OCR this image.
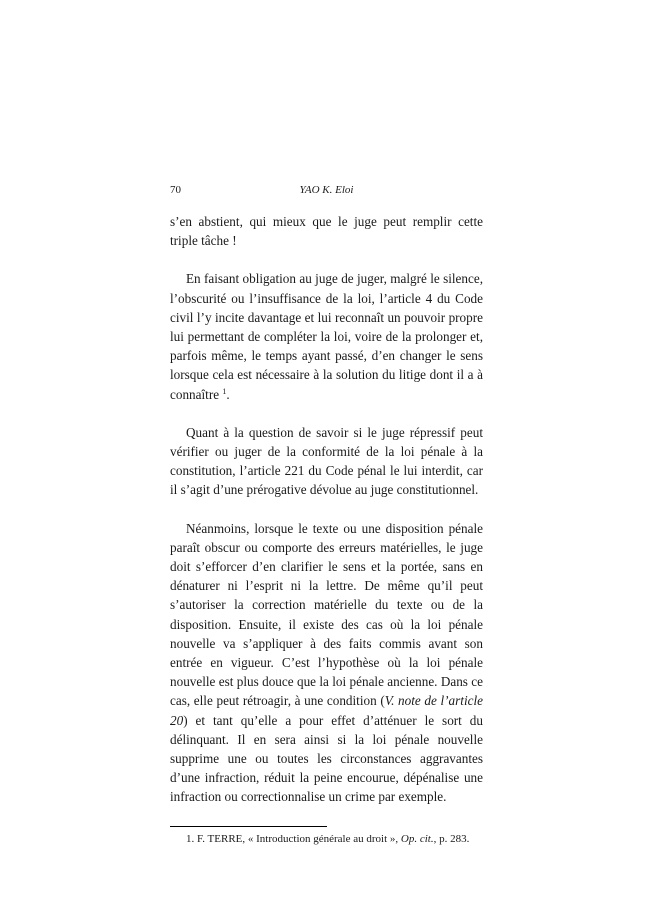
70	YAO K. Eloi

s’en abstient, qui mieux que le juge peut remplir cette triple tâche !

En faisant obligation au juge de juger, malgré le silence, l’obscurité ou l’insuffisance de la loi, l’article 4 du Code civil l’y incite davantage et lui reconnaît un pouvoir propre lui permettant de compléter la loi, voire de la prolonger et, parfois même, le temps ayant passé, d’en changer le sens lorsque cela est nécessaire à la solution du litige dont il a à connaître $^1$.

Quant à la question de savoir si le juge répressif peut vérifier ou juger de la conformité de la loi pénale à la constitution, l’article 221 du Code pénal le lui interdit, car il s’agit d’une prérogative dévolue au juge constitutionnel.

Néanmoins, lorsque le texte ou une disposition pénale paraît obscur ou comporte des erreurs matérielles, le juge doit s’efforcer d’en clarifier le sens et la portée, sans en dénaturer ni l’esprit ni la lettre. De même qu’il peut s’autoriser la correction matérielle du texte ou de la disposition. Ensuite, il existe des cas où la loi pénale nouvelle va s’appliquer à des faits commis avant son entrée en vigueur. C’est l’hypothèse où la loi pénale nouvelle est plus douce que la loi pénale ancienne. Dans ce cas, elle peut rétroagir, à une condition (V. note de l’article 20) et tant qu’elle a pour effet d’atténuer le sort du délinquant. Il en sera ainsi si la loi pénale nouvelle supprime une ou toutes les circonstances aggravantes d’une infraction, réduit la peine encourue, dépénalise une infraction ou correctionnalise un crime par exemple.

1. F. TERRE, « Introduction générale au droit », Op. cit., p. 283.
